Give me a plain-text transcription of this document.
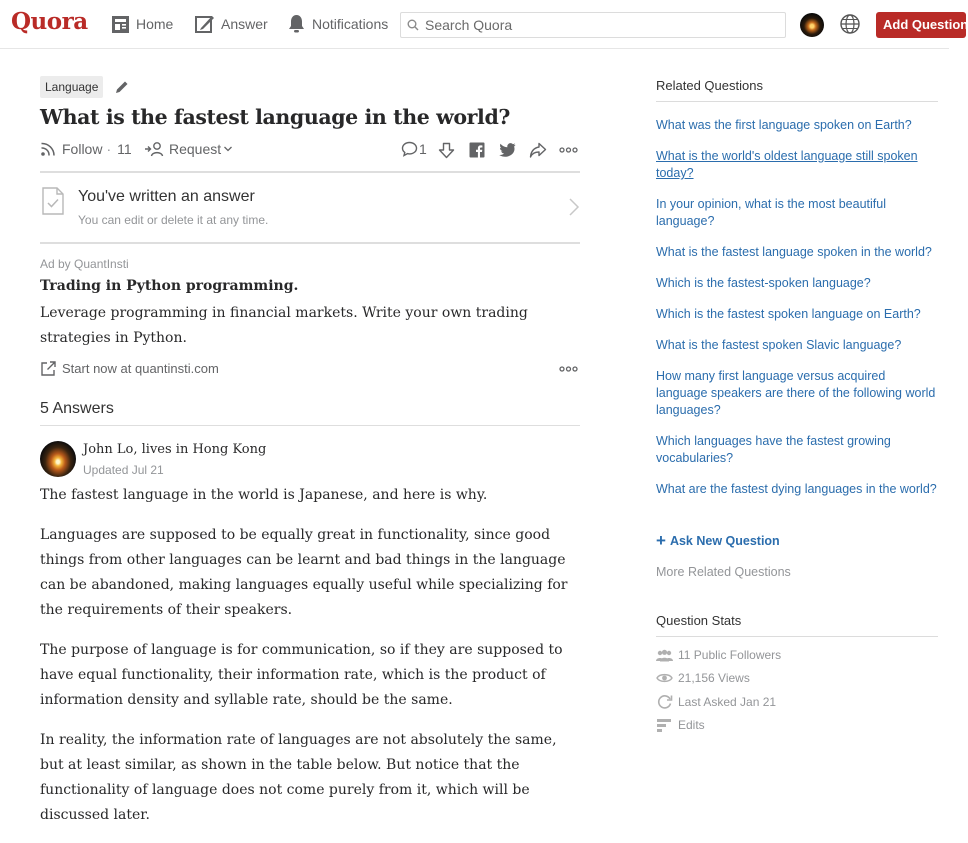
Quora	Home	Answer	Notifications
Search Quora	Add Question
Language
What is the fastest language in the world?
Follow · 11	Request	1
You've written an answer
You can edit or delete it at any time.
Ad by QuantInsti
Trading in Python programming.
Leverage programming in financial markets. Write your own trading strategies in Python.
Start now at quantinsti.com
5 Answers
John Lo, lives in Hong Kong
Updated Jul 21

The fastest language in the world is Japanese, and here is why.

Languages are supposed to be equally great in functionality, since good things from other languages can be learnt and bad things in the language can be abandoned, making languages equally useful while specializing for the requirements of their speakers.

The purpose of language is for communication, so if they are supposed to have equal functionality, their information rate, which is the product of information density and syllable rate, should be the same.

In reality, the information rate of languages are not absolutely the same, but at least similar, as shown in the table below. But notice that the functionality of language does not come purely from it, which will be discussed later.

Related Questions
What was the first language spoken on Earth?
What is the world's oldest language still spoken today?
In your opinion, what is the most beautiful language?
What is the fastest language spoken in the world?
Which is the fastest-spoken language?
Which is the fastest spoken language on Earth?
What is the fastest spoken Slavic language?
How many first language versus acquired language speakers are there of the following world languages?
Which languages have the fastest growing vocabularies?
What are the fastest dying languages in the world?
+ Ask New Question
More Related Questions
Question Stats
11 Public Followers
21,156 Views
Last Asked Jan 21
Edits
